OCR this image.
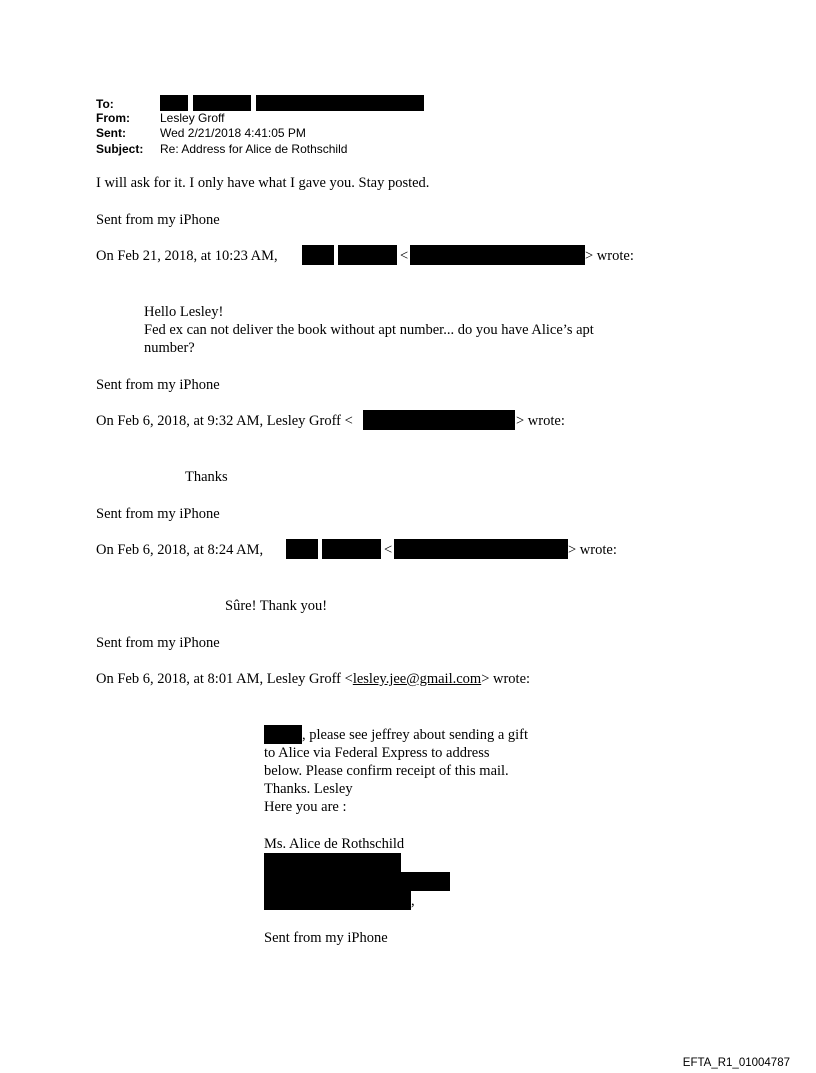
To:
From:	Lesley Groff
Sent:	Wed 2/21/2018 4:41:05 PM
Subject: Re: Address for Alice de Rothschild
I will ask for it. I only have what I gave you. Stay posted.
Sent from my iPhone
On Feb 21, 2018, at 10:23 AM,	<	> wrote:
Hello Lesley!
Fed ex can not deliver the book without apt number... do you have Alice’s apt
number?
Sent from my iPhone
On Feb 6, 2018, at 9:32 AM, Lesley Groff <	> wrote:
Thanks
Sent from my iPhone
On Feb 6, 2018, at 8:24 AM,	<	> wrote:
Sûre! Thank you!
Sent from my iPhone
On Feb 6, 2018, at 8:01 AM, Lesley Groff <lesley.jee@gmail.com> wrote:
, please see jeffrey about sending a gift
to Alice via Federal Express to address
below. Please confirm receipt of this mail.
Thanks. Lesley
Here you are :
Ms. Alice de Rothschild
,
Sent from my iPhone
EFTA_R1_01004787
